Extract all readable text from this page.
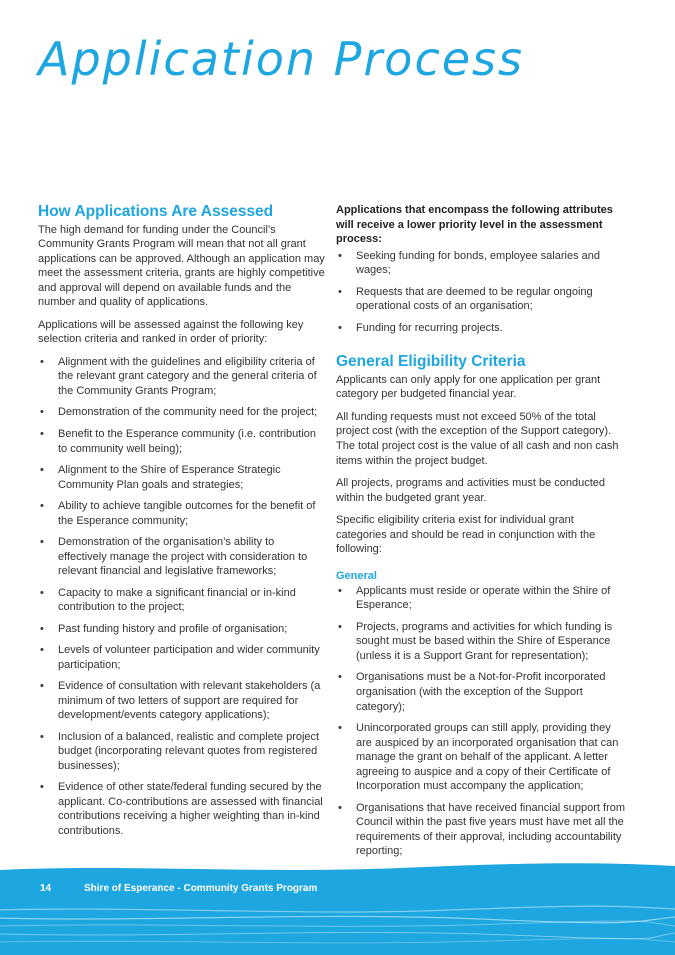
Application Process
How Applications Are Assessed

The high demand for funding under the Council’s Community Grants Program will mean that not all grant applications can be approved. Although an application may meet the assessment criteria, grants are highly competitive and approval will depend on available funds and the number and quality of applications.

Applications will be assessed against the following key selection criteria and ranked in order of priority:

• Alignment with the guidelines and eligibility criteria of the relevant grant category and the general criteria of the Community Grants Program;
• Demonstration of the community need for the project;
• Benefit to the Esperance community (i.e. contribution to community well being);
• Alignment to the Shire of Esperance Strategic Community Plan goals and strategies;
• Ability to achieve tangible outcomes for the benefit of the Esperance community;
• Demonstration of the organisation’s ability to effectively manage the project with consideration to relevant financial and legislative frameworks;
• Capacity to make a significant financial or in-kind contribution to the project;
• Past funding history and profile of organisation;
• Levels of volunteer participation and wider community participation;
• Evidence of consultation with relevant stakeholders (a minimum of two letters of support are required for development/events category applications);
• Inclusion of a balanced, realistic and complete project budget (incorporating relevant quotes from registered businesses);
• Evidence of other state/federal funding secured by the applicant. Co-contributions are assessed with financial contributions receiving a higher weighting than in-kind contributions.

Applications that encompass the following attributes will receive a lower priority level in the assessment process:

• Seeking funding for bonds, employee salaries and wages;
• Requests that are deemed to be regular ongoing operational costs of an organisation;
• Funding for recurring projects.
General Eligibility Criteria

Applicants can only apply for one application per grant category per budgeted financial year.

All funding requests must not exceed 50% of the total project cost (with the exception of the Support category). The total project cost is the value of all cash and non cash items within the project budget.

All projects, programs and activities must be conducted within the budgeted grant year.

Specific eligibility criteria exist for individual grant categories and should be read in conjunction with the following:

General
• Applicants must reside or operate within the Shire of Esperance;
• Projects, programs and activities for which funding is sought must be based within the Shire of Esperance (unless it is a Support Grant for representation);
• Organisations must be a Not-for-Profit incorporated organisation (with the exception of the Support category);
• Unincorporated groups can still apply, providing they are auspiced by an incorporated organisation that can manage the grant on behalf of the applicant. A letter agreeing to auspice and a copy of their Certificate of Incorporation must accompany the application;
• Organisations that have received financial support from Council within the past five years must have met all the requirements of their approval, including accountability reporting;
14	Shire of Esperance - Community Grants Program
